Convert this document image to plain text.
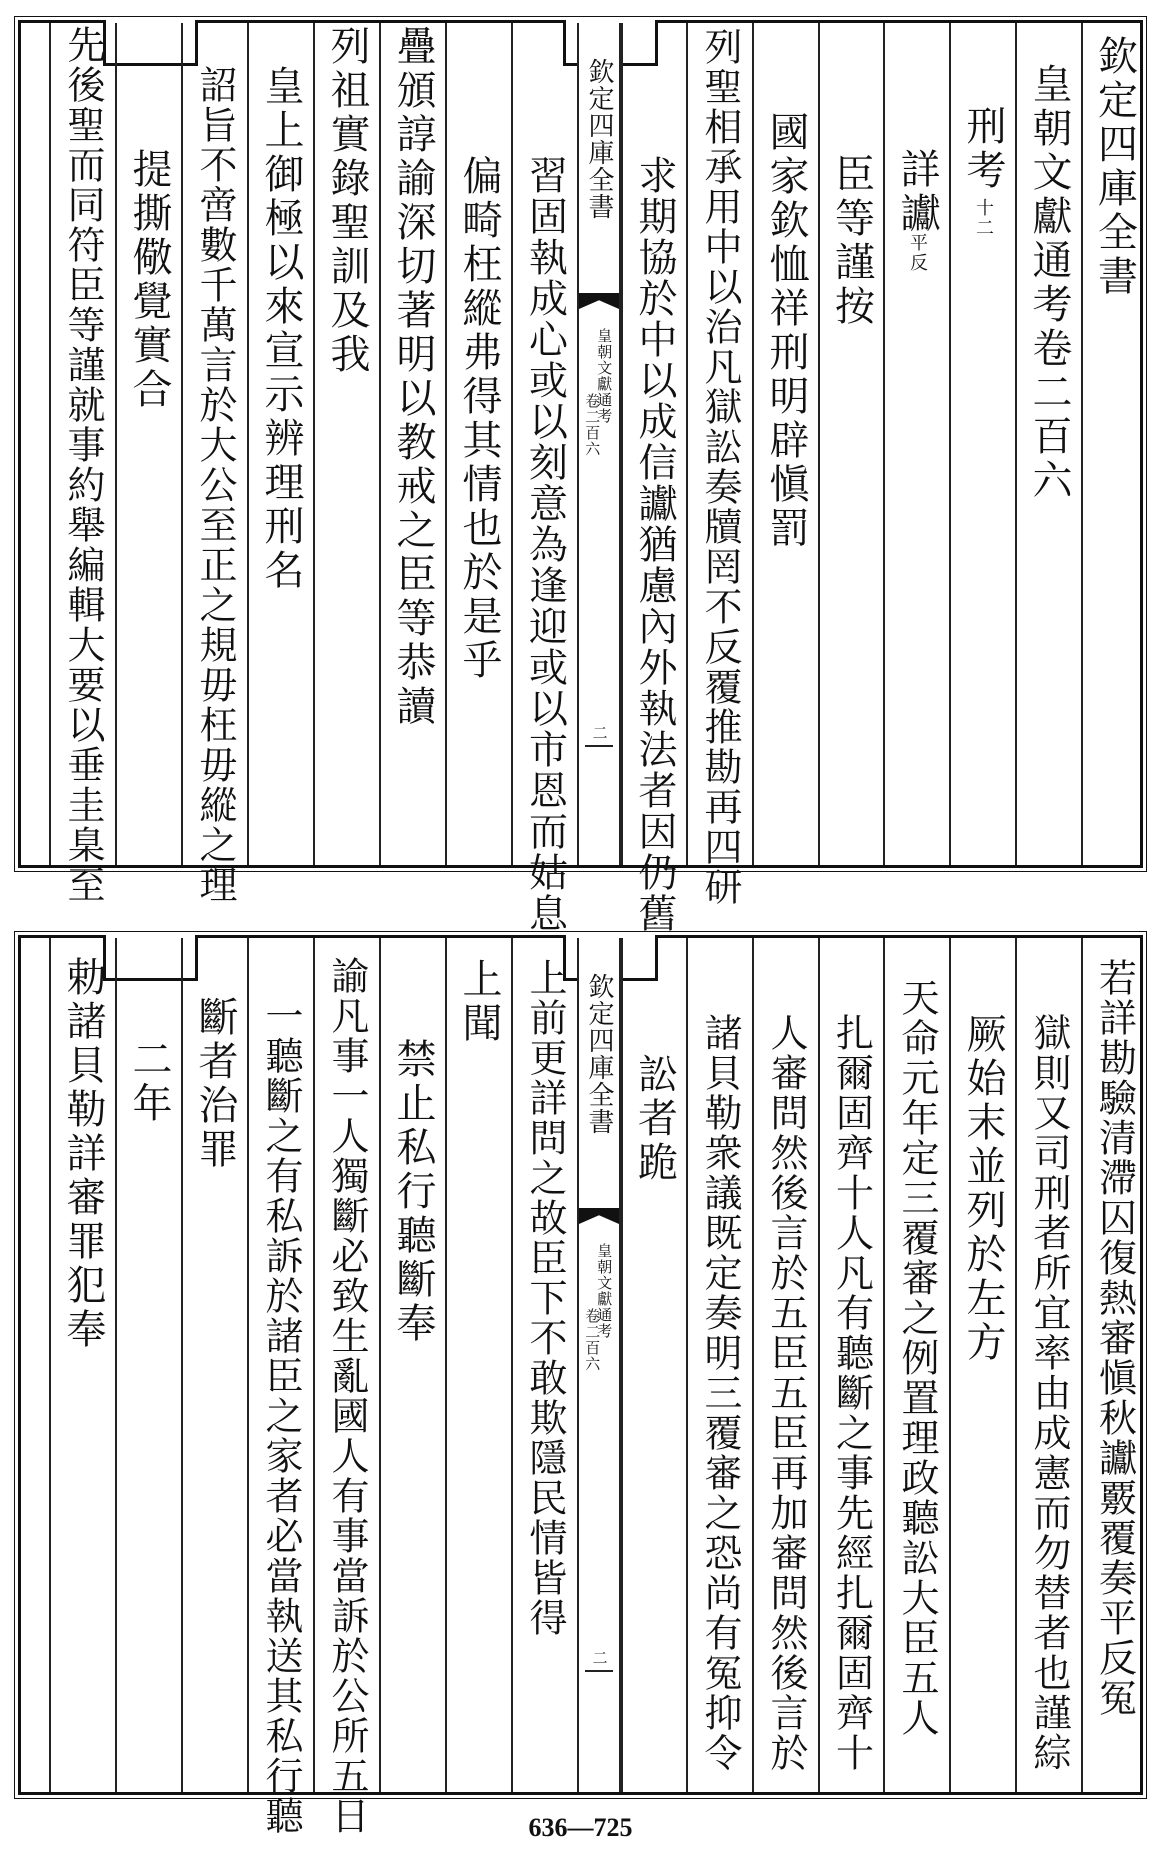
欽定四庫全書
皇朝文獻通考卷二百六
刑考
十二
詳讞
平反
臣等謹按
國家欽恤祥刑明辟愼罰
列聖相承用中以治凡獄訟奏牘罔不反覆推勘再四研
求期協於中以成信讞猶慮內外執法者因仍舊
欽定四庫全書
皇朝文獻通考
卷二百六
二
習固執成心或以刻意為逢迎或以市恩而姑息
偏畸枉縱弗得其情也於是乎
疊頒諄諭深切著明以教戒之臣等恭讀
列祖實錄聖訓及我
皇上御極以來宣示辨理刑名
詔旨不啻數千萬言於大公至正之規毋枉毋縱之理
提撕儆覺實合
先後聖而同符臣等謹就事約舉編輯大要以垂圭臬至
若詳勘驗清滯囚復熱審愼秋讞覈覆奏平反冤
獄則又司刑者所宜率由成憲而勿替者也謹綜
厥始末並列於左方
天命元年定三覆審之例置理政聽訟大臣五人
扎爾固齊十人凡有聽斷之事先經扎爾固齊十
人審問然後言於五臣五臣再加審問然後言於
諸貝勒衆議既定奏明三覆審之恐尚有冤抑令
訟者跪
欽定四庫全書
皇朝文獻通考
卷二百六
二
上前更詳問之故臣下不敢欺隱民情皆得
上聞
禁止私行聽斷奉
諭凡事一人獨斷必致生亂國人有事當訴於公所五日
一聽斷之有私訴於諸臣之家者必當執送其私行聽
斷者治罪
二年
勅諸貝勒詳審罪犯奉
636—725
